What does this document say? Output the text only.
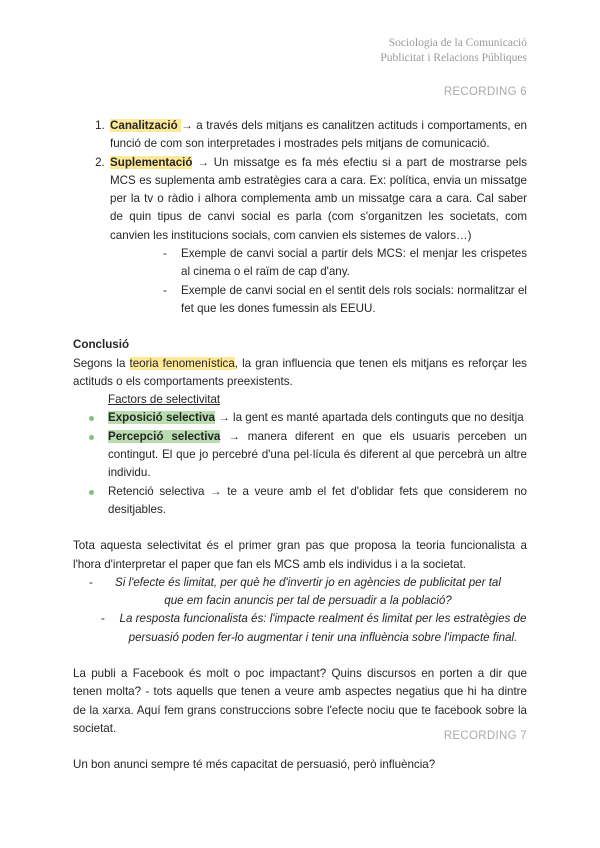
Sociologia de la Comunicació
Publicitat i Relacions Públiques
RECORDING 6
1. Canalització → a través dels mitjans es canalitzen actituds i comportaments, en funció de com son interpretades i mostrades pels mitjans de comunicació.
2. Suplementació → Un missatge es fa més efectiu si a part de mostrarse pels MCS es suplementa amb estratègies cara a cara. Ex: política, envia un missatge per la tv o ràdio i alhora complementa amb un missatge cara a cara. Cal saber de quin tipus de canvi social es parla (com s'organitzen les societats, com canvien les institucions socials, com canvien els sistemes de valors…)
- Exemple de canvi social a partir dels MCS: el menjar les crispetes al cinema o el raïm de cap d'any.
- Exemple de canvi social en el sentit dels rols socials: normalitzar el fet que les dones fumessin als EEUU.

Conclusió

Segons la teoria fenomenística, la gran influencia que tenen els mitjans es reforçar les actituds o els comportaments preexistents.

Factors de selectivitat

Exposició selectiva → la gent es manté apartada dels continguts que no desitja
Percepció selectiva → manera diferent en que els usuaris perceben un contingut. El que jo percebré d'una pel·lícula és diferent al que percebrà un altre individu.
Retenció selectiva → te a veure amb el fet d'oblidar fets que considerem no desitjables.

Tota aquesta selectivitat és el primer gran pas que proposa la teoria funcionalista a l'hora d'interpretar el paper que fan els MCS amb els individus i a la societat.

- Si l'efecte és limitat, per què he d'invertir jo en agències de publicitat per tal que em facin anuncis per tal de persuadir a la població?
- La resposta funcionalista és: l'impacte realment és limitat per les estratègies de persuasió poden fer-lo augmentar i tenir una influència sobre l'impacte final.

La publi a Facebook és molt o poc impactant? Quins discursos en porten a dir que tenen molta? - tots aquells que tenen a veure amb aspectes negatius que hi ha dintre de la xarxa. Aquí fem grans construccions sobre l'efecte nociu que te facebook sobre la societat.

Un bon anunci sempre té més capacitat de persuasió, però influència?

RECORDING 7
